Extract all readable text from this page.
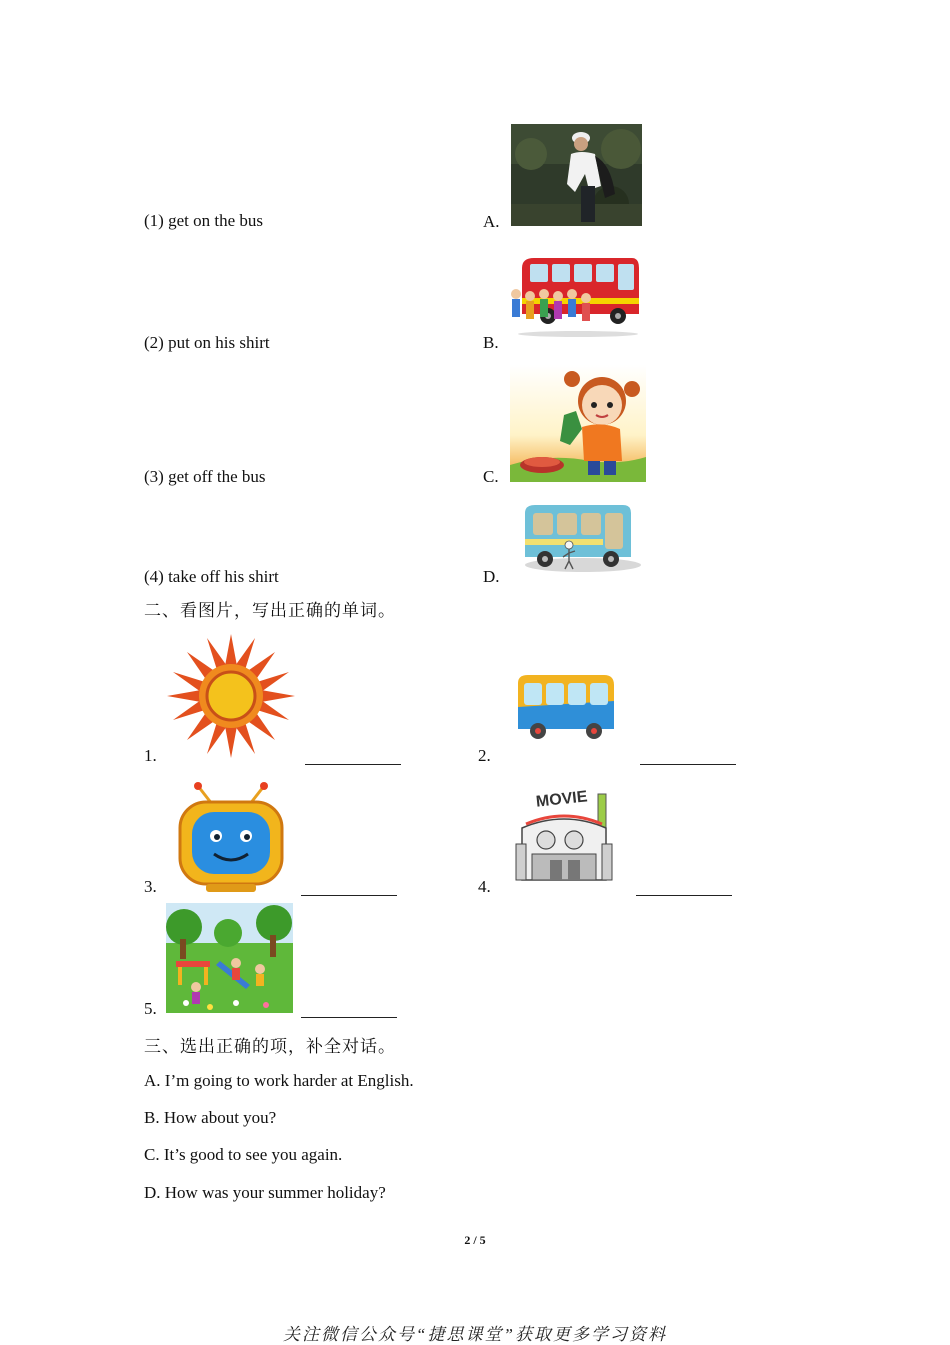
(1) get on the bus
(2) put on his shirt
(3) get off the bus
(4) take off his shirt
A.
B.
C.
D.
二、看图片，写出正确的单词。
1.	2.
3.
MOVIE
4.
5.
三、选出正确的项，补全对话。
A. I’m going to work harder at English.
B. How about you?
C. It’s good to see you again.
D. How was your summer holiday?
2 / 5
关注微信公众号“捷思课堂”获取更多学习资料
